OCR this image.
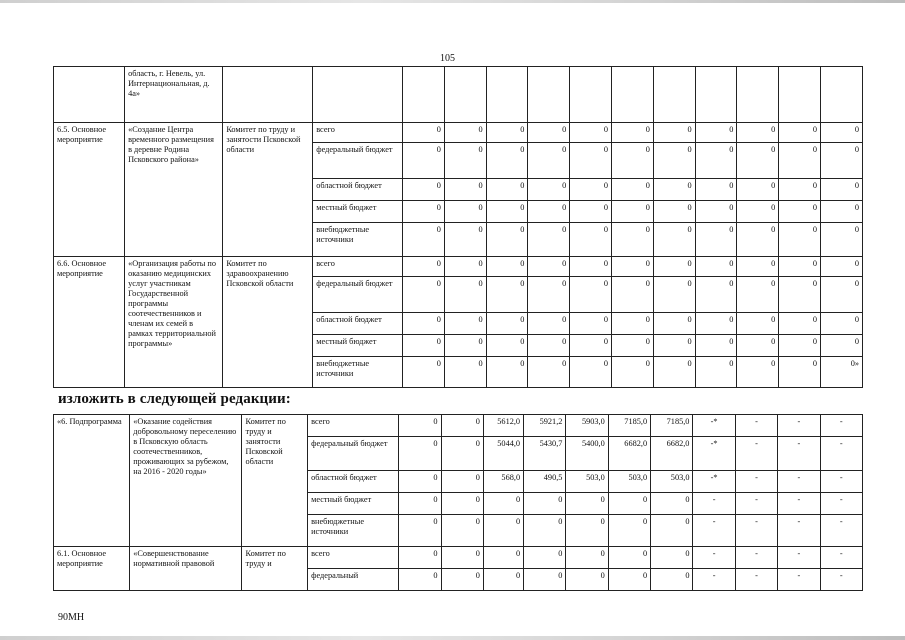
105
	область, г. Невель, ул. Интернациональная, д. 4а»													
6.5. Основное мероприятие	«Создание Центра временного размещения в деревне Родина Псковского района»	Комитет по труду и занятости Псковской области	всего	0	0	0	0	0	0	0	0	0	0	0
			федеральный бюджет	0	0	0	0	0	0	0	0	0	0	0
			областной бюджет	0	0	0	0	0	0	0	0	0	0	0
			местный бюджет	0	0	0	0	0	0	0	0	0	0	0
			внебюджетные источники	0	0	0	0	0	0	0	0	0	0	0
6.6. Основное мероприятие	«Организация работы по оказанию медицинских услуг участникам Государственной программы соотечественников и членам их семей в рамках территориальной программы»	Комитет по здравоохранению Псковской области	всего	0	0	0	0	0	0	0	0	0	0	0
			федеральный бюджет	0	0	0	0	0	0	0	0	0	0	0
			областной бюджет	0	0	0	0	0	0	0	0	0	0	0
			местный бюджет	0	0	0	0	0	0	0	0	0	0	0
			внебюджетные источники	0	0	0	0	0	0	0	0	0	0	0»
изложить в следующей редакции:
«6. Подпрограмма	«Оказание содействия добровольному переселению в Псковскую область соотечественников, проживающих за рубежом, на 2016 - 2020 годы»	Комитет по труду и занятости Псковской области	всего	0	0	5612,0	5921,2	5903,0	7185,0	7185,0	-*	-	-	-
			федеральный бюджет	0	0	5044,0	5430,7	5400,0	6682,0	6682,0	-*	-	-	-
			областной бюджет	0	0	568,0	490,5	503,0	503,0	503,0	-*	-	-	-
			местный бюджет	0	0	0	0	0	0	0	-	-	-	-
			внебюджетные источники	0	0	0	0	0	0	0	-	-	-	-
6.1. Основное мероприятие	«Совершенствование нормативной правовой	Комитет по труду и	всего	0	0	0	0	0	0	0	-	-	-	-
			федеральный	0	0	0	0	0	0	0	-	-	-	-
90МН
